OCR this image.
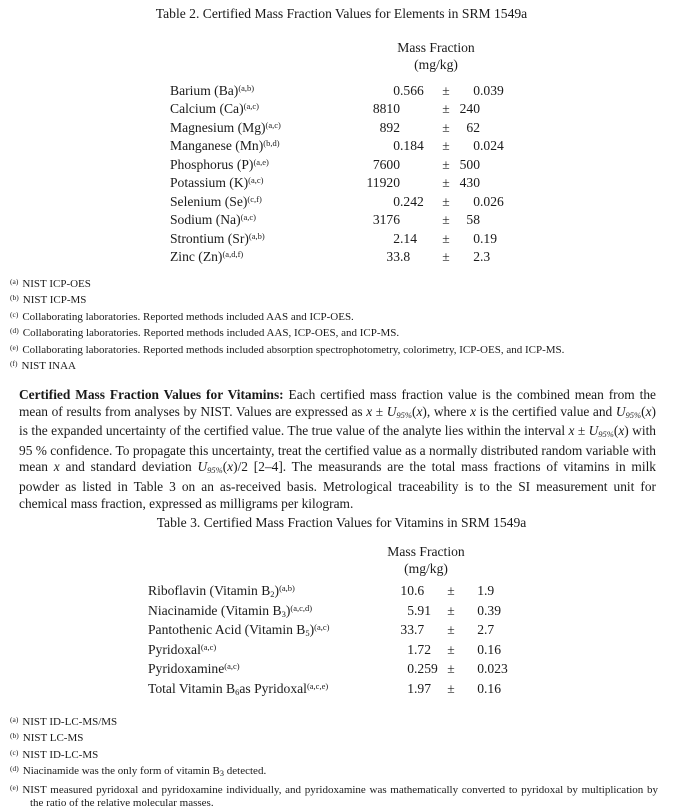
Table 2. Certified Mass Fraction Values for Elements in SRM 1549a
Mass Fraction
(mg/kg)
Barium (Ba)(a,b)	0 .566	±	0 .039
Calcium (Ca)(a,c)	8810	± 240
Magnesium (Mg)(a,c)	892	±	62
Manganese (Mn)(b,d)	0 .184	±	0 .024
Phosphorus (P)(a,e)	7600	± 500
Potassium (K)(a,c)	11920	± 430
Selenium (Se)(c,f)	0 .242	±	0 .026
Sodium (Na)(a,c)	3176	±	58
Strontium (Sr)(a,b)	2 .14	±	0 .19
Zinc (Zn)(a,d,f)	33 .8	±	2 .3
$^{(a)}$ NIST ICP-OES
$^{(b)}$ NIST ICP-MS
$^{(c)}$ Collaborating laboratories. Reported methods included AAS and ICP-OES.
$^{(d)}$ Collaborating laboratories. Reported methods included AAS, ICP-OES, and ICP-MS.
$^{(e)}$ Collaborating laboratories. Reported methods included absorption spectrophotometry, colorimetry, ICP-OES, and ICP-MS.
$^{(f)}$ NIST INAA
Certified Mass Fraction Values for Vitamins: Each certified mass fraction value is the combined mean from the mean of results from analyses by NIST. Values are expressed as x ± U95%(x), where x is the certified value and U95%(x) is the expanded uncertainty of the certified value. The true value of the analyte lies within the interval x ± U95%(x) with 95 % confidence. To propagate this uncertainty, treat the certified value as a normally distributed random variable with mean x and standard deviation U95%(x)/2 [2–4]. The measurands are the total mass fractions of vitamins in milk powder as listed in Table 3 on an as-received basis. Metrological traceability is to the SI measurement unit for chemical mass fraction, expressed as milligrams per kilogram.
Table 3. Certified Mass Fraction Values for Vitamins in SRM 1549a
Mass Fraction
(mg/kg)
Riboflavin (Vitamin B2)(a,b)	10 .6	±	1 .9
Niacinamide (Vitamin B3)(a,c,d)	5 .91	±	0 .39
Pantothenic Acid (Vitamin B5)(a,c)	33 .7	±	2 .7
Pyridoxal(a,c)	1 .72	±	0 .16
Pyridoxamine(a,c)	0 .259 ±	0 .023
Total Vitamin B6as Pyridoxal(a,c,e)	1 .97	±	0 .16
$^{(a)}$ NIST ID-LC-MS/MS
$^{(b)}$ NIST LC-MS
$^{(c)}$ NIST ID-LC-MS
$^{(d)}$ Niacinamide was the only form of vitamin B3 detected.
$^{(e)}$ NIST measured pyridoxal and pyridoxamine individually, and pyridoxamine was mathematically converted to pyridoxal by multiplication by the ratio of the relative molecular masses.
